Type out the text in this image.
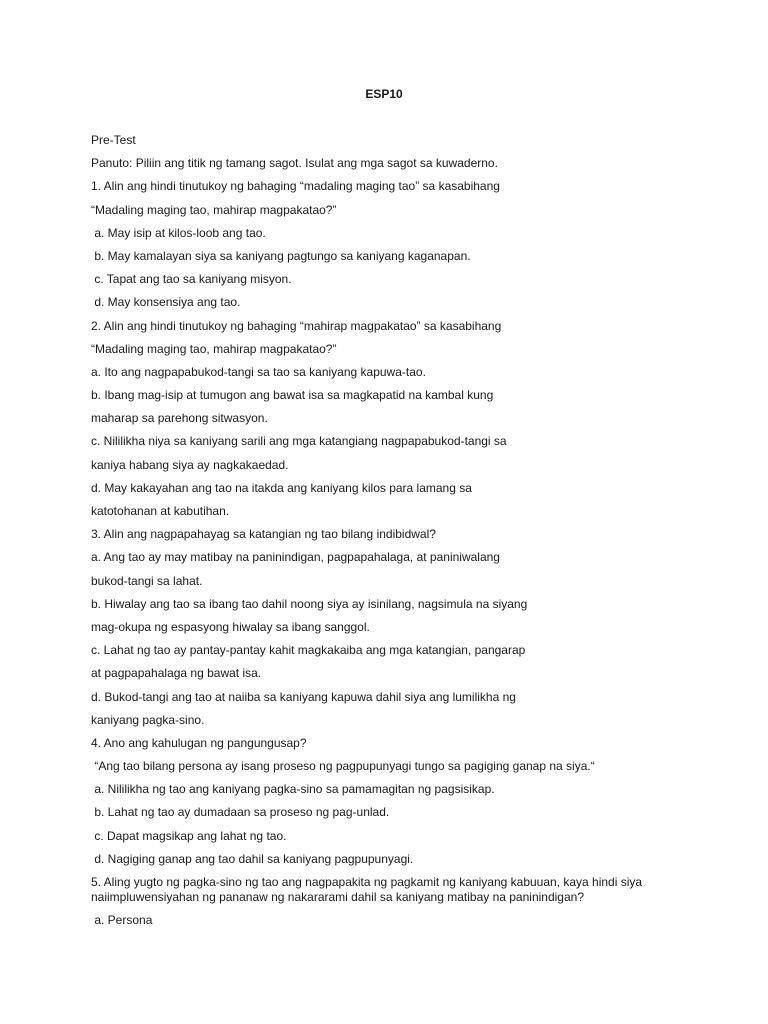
ESP10
Pre-Test
Panuto: Piliin ang titik ng tamang sagot. Isulat ang mga sagot sa kuwaderno.
1. Alin ang hindi tinutukoy ng bahaging “madaling maging tao” sa kasabihang
“Madaling maging tao, mahirap magpakatao?”
a. May isip at kilos-loob ang tao.
b. May kamalayan siya sa kaniyang pagtungo sa kaniyang kaganapan.
c. Tapat ang tao sa kaniyang misyon.
d. May konsensiya ang tao.
2. Alin ang hindi tinutukoy ng bahaging “mahirap magpakatao” sa kasabihang
“Madaling maging tao, mahirap magpakatao?”
a. Ito ang nagpapabukod-tangi sa tao sa kaniyang kapuwa-tao.
b. Ibang mag-isip at tumugon ang bawat isa sa magkapatid na kambal kung
maharap sa parehong sitwasyon.
c. Nililikha niya sa kaniyang sarili ang mga katangiang nagpapabukod-tangi sa
kaniya habang siya ay nagkakaedad.
d. May kakayahan ang tao na itakda ang kaniyang kilos para lamang sa
katotohanan at kabutihan.
3. Alin ang nagpapahayag sa katangian ng tao bilang indibidwal?
a. Ang tao ay may matibay na paninindigan, pagpapahalaga, at paniniwalang
bukod-tangi sa lahat.
b. Hiwalay ang tao sa ibang tao dahil noong siya ay isinilang, nagsimula na siyang
mag-okupa ng espasyong hiwalay sa ibang sanggol.
c. Lahat ng tao ay pantay-pantay kahit magkakaiba ang mga katangian, pangarap
at pagpapahalaga ng bawat isa.
d. Bukod-tangi ang tao at naiiba sa kaniyang kapuwa dahil siya ang lumilikha ng
kaniyang pagka-sino.
4. Ano ang kahulugan ng pangungusap?
“Ang tao bilang persona ay isang proseso ng pagpupunyagi tungo sa pagiging ganap na siya.“
a. Nililikha ng tao ang kaniyang pagka-sino sa pamamagitan ng pagsisikap.
b. Lahat ng tao ay dumadaan sa proseso ng pag-unlad.
c. Dapat magsikap ang lahat ng tao.
d. Nagiging ganap ang tao dahil sa kaniyang pagpupunyagi.
5. Aling yugto ng pagka-sino ng tao ang nagpapakita ng pagkamit ng kaniyang kabuuan, kaya hindi siya
naiimpluwensiyahan ng pananaw ng nakararami dahil sa kaniyang matibay na paninindigan?
a. Persona
